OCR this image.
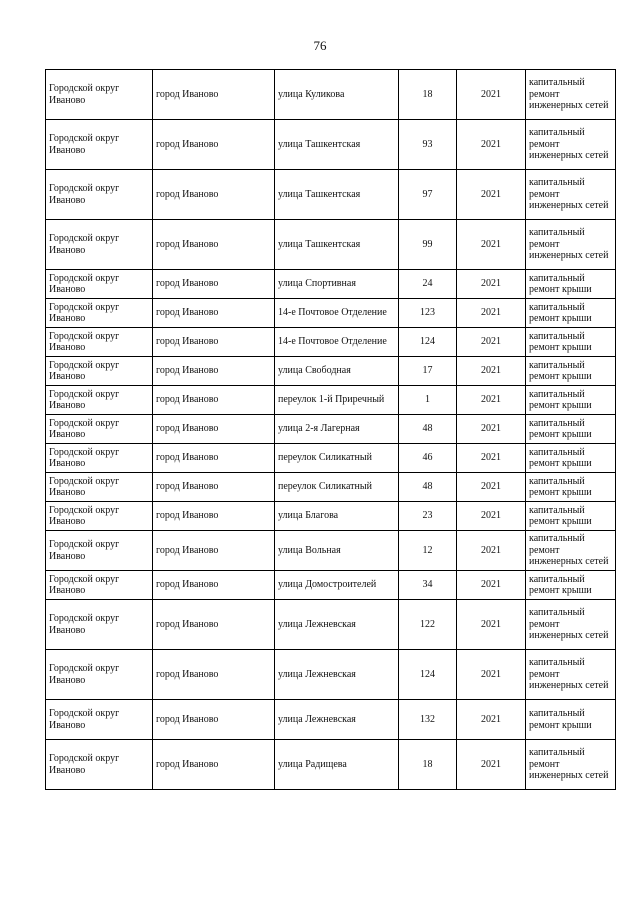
76
Городской округ Иваново	город Иваново	улица Куликова	18	2021	капитальный ремонт инженерных сетей
Городской округ Иваново	город Иваново	улица Ташкентская	93	2021	капитальный ремонт инженерных сетей
Городской округ Иваново	город Иваново	улица Ташкентская	97	2021	капитальный ремонт инженерных сетей
Городской округ Иваново	город Иваново	улица Ташкентская	99	2021	капитальный ремонт инженерных сетей
Городской округ Иваново	город Иваново	улица Спортивная	24	2021	капитальный ремонт крыши
Городской округ Иваново	город Иваново	14-е Почтовое Отделение	123	2021	капитальный ремонт крыши
Городской округ Иваново	город Иваново	14-е Почтовое Отделение	124	2021	капитальный ремонт крыши
Городской округ Иваново	город Иваново	улица Свободная	17	2021	капитальный ремонт крыши
Городской округ Иваново	город Иваново	переулок 1-й Приречный	1	2021	капитальный ремонт крыши
Городской округ Иваново	город Иваново	улица 2-я Лагерная	48	2021	капитальный ремонт крыши
Городской округ Иваново	город Иваново	переулок Силикатный	46	2021	капитальный ремонт крыши
Городской округ Иваново	город Иваново	переулок Силикатный	48	2021	капитальный ремонт крыши
Городской округ Иваново	город Иваново	улица Благова	23	2021	капитальный ремонт крыши
Городской округ Иваново	город Иваново	улица Вольная	12	2021	капитальный ремонт инженерных сетей
Городской округ Иваново	город Иваново	улица Домостроителей	34	2021	капитальный ремонт крыши
Городской округ Иваново	город Иваново	улица Лежневская	122	2021	капитальный ремонт инженерных сетей
Городской округ Иваново	город Иваново	улица Лежневская	124	2021	капитальный ремонт инженерных сетей
Городской округ Иваново	город Иваново	улица Лежневская	132	2021	капитальный ремонт крыши
Городской округ Иваново	город Иваново	улица Радищева	18	2021	капитальный ремонт инженерных сетей
